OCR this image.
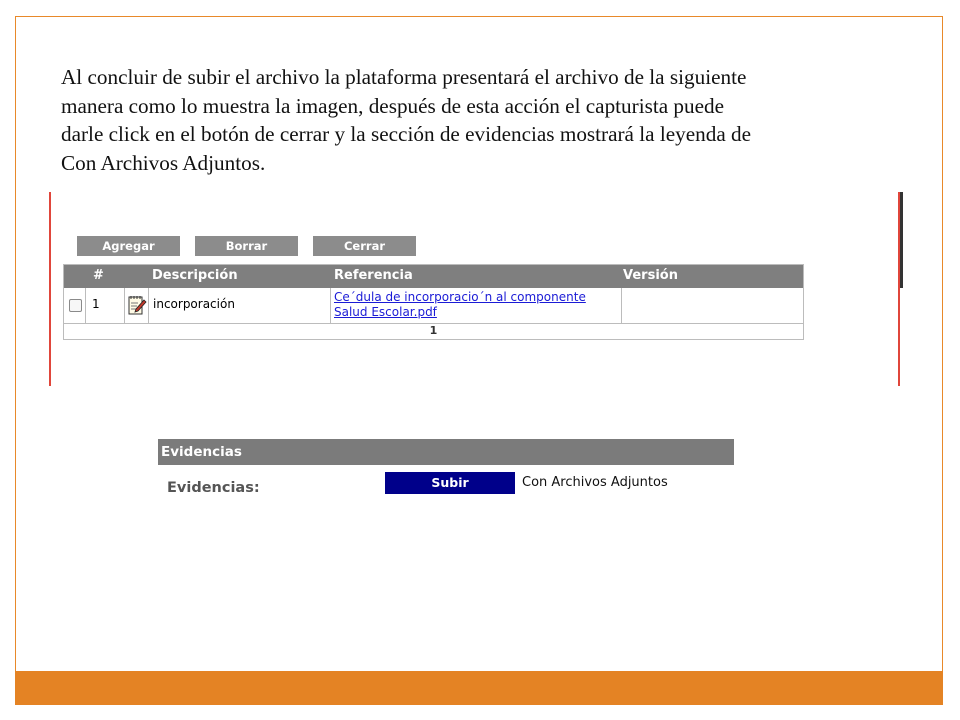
Al concluir de subir el archivo la plataforma presentará el archivo de la siguiente
manera como lo muestra la imagen, después de esta acción el capturista puede
darle click en el botón de cerrar y la sección de evidencias mostrará la leyenda de
Con Archivos Adjuntos.
Agregar	Borrar	Cerrar
#	Descripción	Referencia	Versión
1	incorporación	Ce´dula de incorporacio´n al componente
Salud Escolar.pdf
1
Evidencias
Evidencias:	Subir	Con Archivos Adjuntos
